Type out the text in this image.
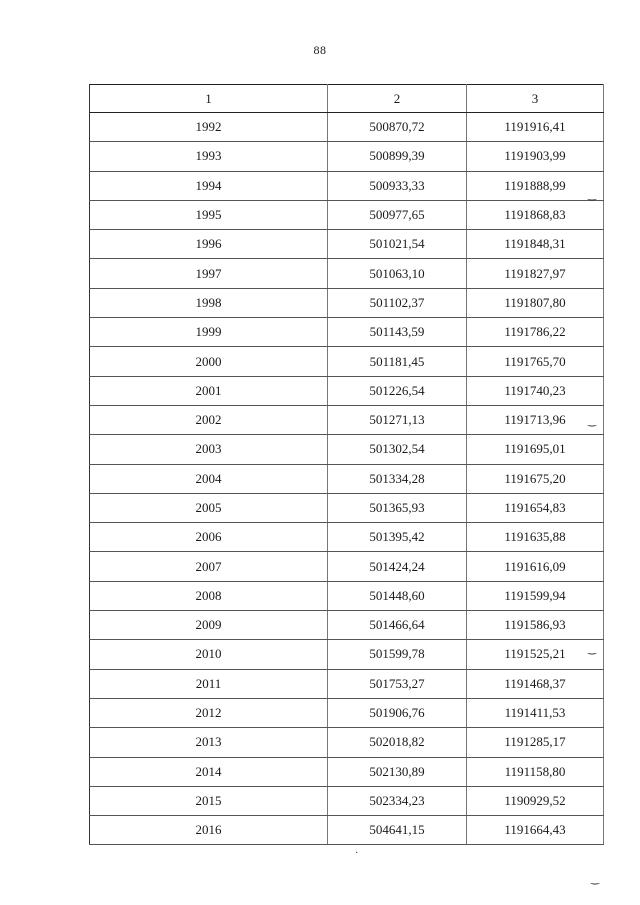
88
1	2	3
1992	500870,72	1191916,41
1993	500899,39	1191903,99
1994	500933,33	1191888,99
1995	500977,65	1191868,83
1996	501021,54	1191848,31
1997	501063,10	1191827,97
1998	501102,37	1191807,80
1999	501143,59	1191786,22
2000	501181,45	1191765,70
2001	501226,54	1191740,23
2002	501271,13	1191713,96
2003	501302,54	1191695,01
2004	501334,28	1191675,20
2005	501365,93	1191654,83
2006	501395,42	1191635,88
2007	501424,24	1191616,09
2008	501448,60	1191599,94
2009	501466,64	1191586,93
2010	501599,78	1191525,21
2011	501753,27	1191468,37
2012	501906,76	1191411,53
2013	502018,82	1191285,17
2014	502130,89	1191158,80
2015	502334,23	1190929,52
2016	504641,15	1191664,43
‿
‿
‿
·
‿
